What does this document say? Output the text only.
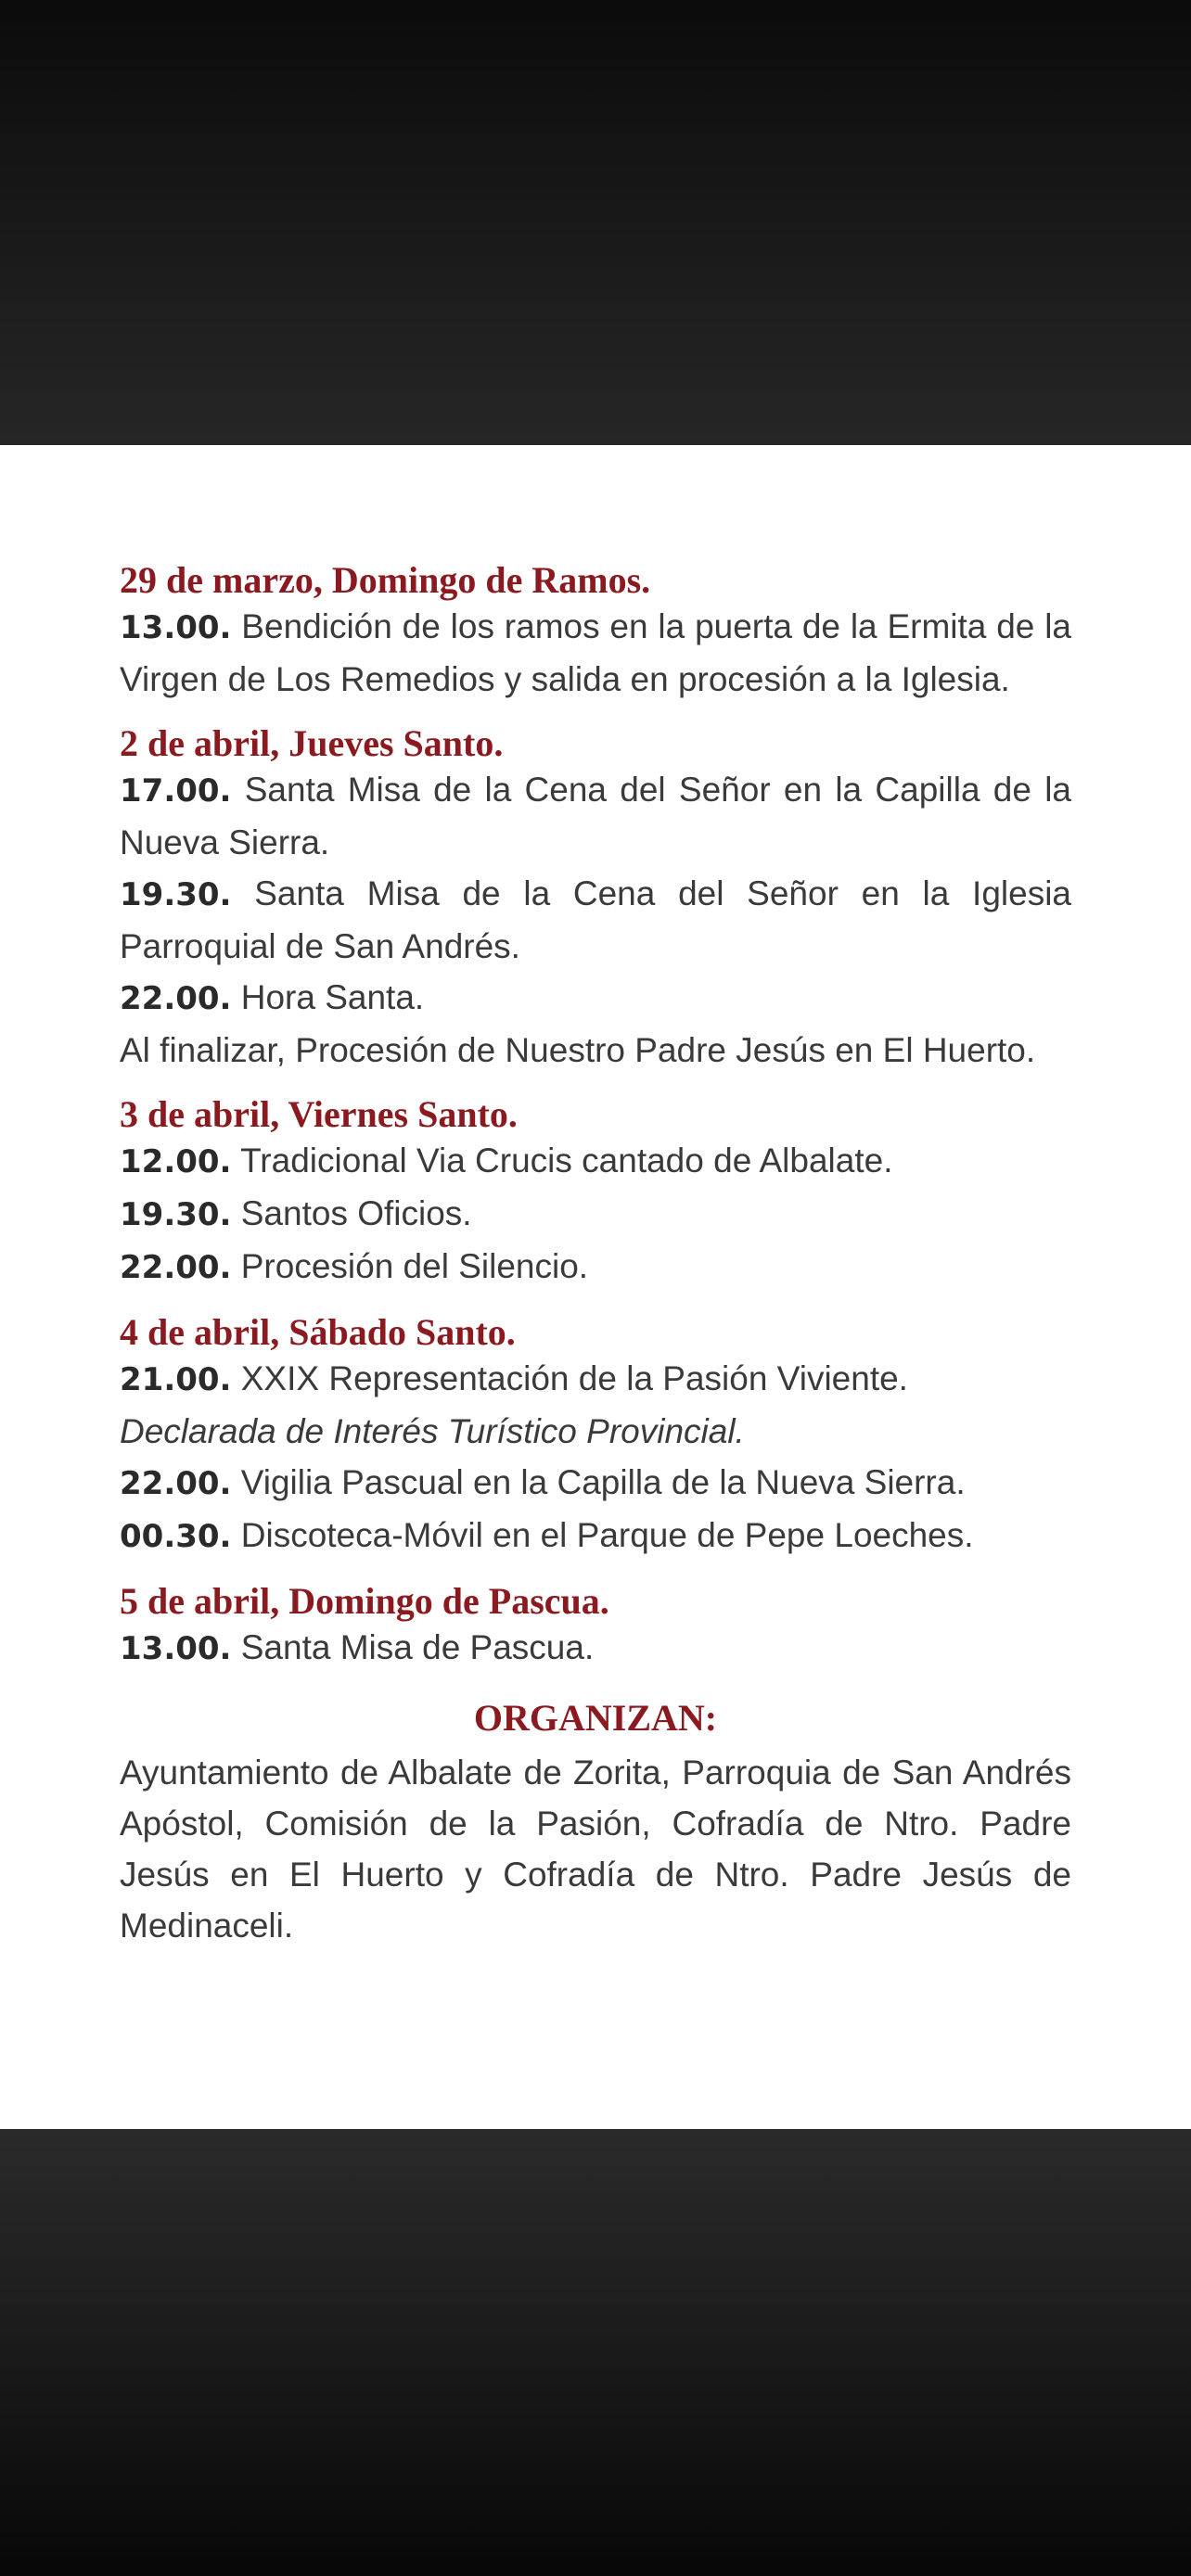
29 de marzo, Domingo de Ramos.

13.00. Bendición de los ramos en la puerta de la Ermita de la Virgen de Los Remedios y salida en procesión a la Iglesia.

2 de abril, Jueves Santo.

17.00. Santa Misa de la Cena del Señor en la Capilla de la Nueva Sierra.

19.30. Santa Misa de la Cena del Señor en la Iglesia Parroquial de San Andrés.

22.00. Hora Santa.

Al finalizar, Procesión de Nuestro Padre Jesús en El Huerto.

3 de abril, Viernes Santo.

12.00. Tradicional Via Crucis cantado de Albalate.

19.30. Santos Oficios.

22.00. Procesión del Silencio.

4 de abril, Sábado Santo.

21.00. XXIX Representación de la Pasión Viviente.

Declarada de Interés Turístico Provincial.

22.00. Vigilia Pascual en la Capilla de la Nueva Sierra.

00.30. Discoteca-Móvil en el Parque de Pepe Loeches.

5 de abril, Domingo de Pascua.

13.00. Santa Misa de Pascua.

ORGANIZAN:

Ayuntamiento de Albalate de Zorita, Parroquia de San Andrés Apóstol, Comisión de la Pasión, Cofradía de Ntro. Padre Jesús en El Huerto y Cofradía de Ntro. Padre Jesús de Medinaceli.
